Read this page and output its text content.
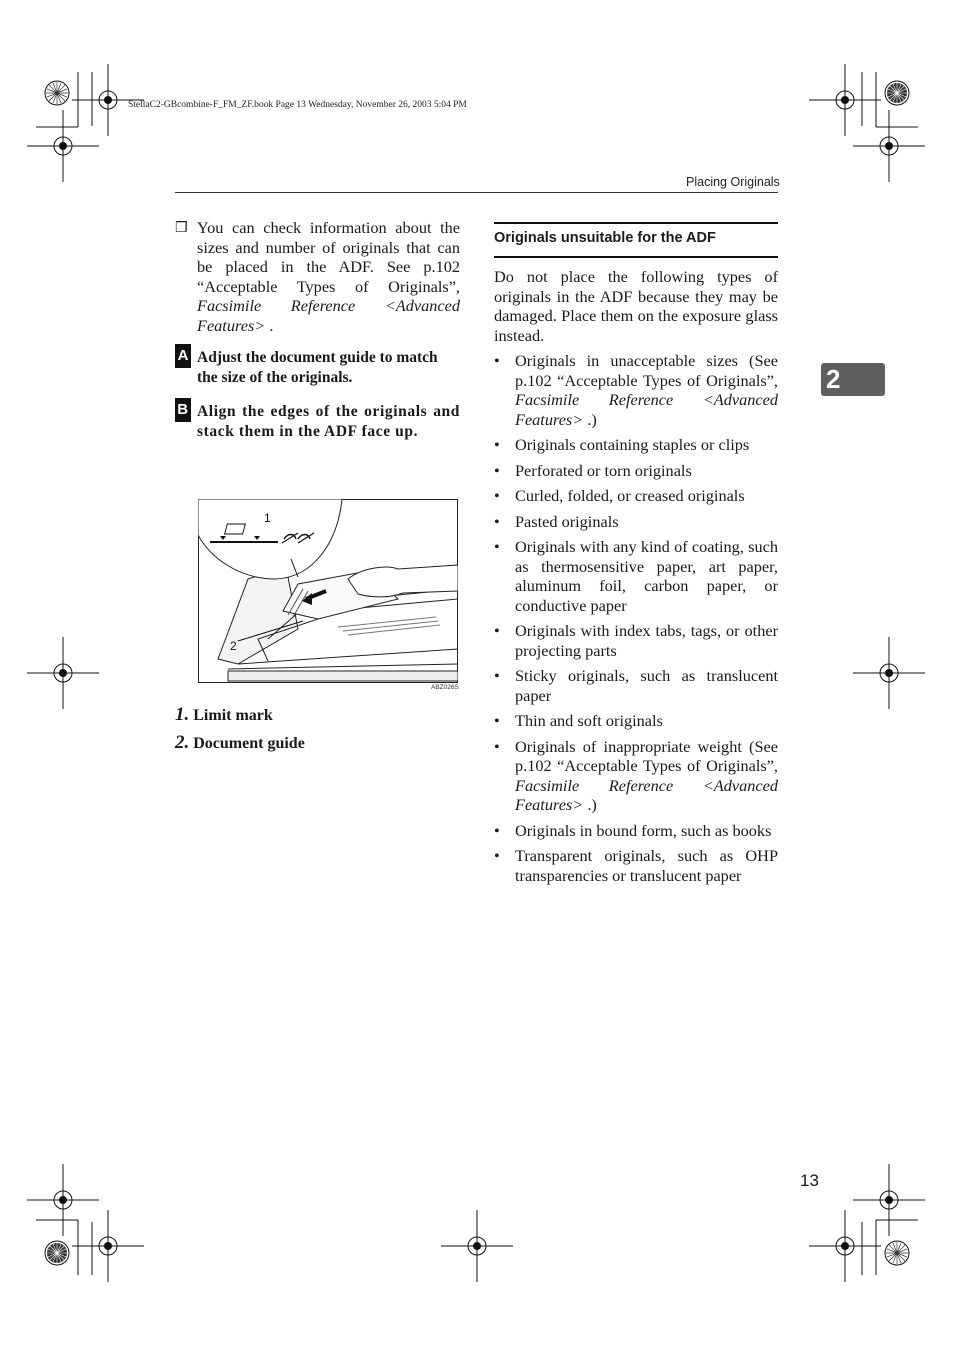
StellaC2-GBcombine-F_FM_ZF.book Page 13 Wednesday, November 26, 2003 5:04 PM
Placing Originals
❒ You can check information about the sizes and number of originals that can be placed in the ADF. See p.102 “Acceptable Types of Originals”, Facsimile Reference <Advanced Features> .
A Adjust the document guide to match the size of the originals.
B Align the edges of the originals and stack them in the ADF face up.
1
2
ABZ026S
1. Limit mark
2. Document guide
Originals unsuitable for the ADF
Do not place the following types of originals in the ADF because they may be damaged. Place them on the exposure glass instead.
• Originals in unacceptable sizes (See p.102 “Acceptable Types of Originals”, Facsimile Reference <Advanced Features> .)
• Originals containing staples or clips
• Perforated or torn originals
• Curled, folded, or creased originals
• Pasted originals
• Originals with any kind of coating, such as thermosensitive paper, art paper, aluminum foil, carbon paper, or conductive paper
• Originals with index tabs, tags, or other projecting parts
• Sticky originals, such as translucent paper
• Thin and soft originals
• Originals of inappropriate weight (See p.102 “Acceptable Types of Originals”, Facsimile Reference <Advanced Features> .)
• Originals in bound form, such as books
• Transparent originals, such as OHP transparencies or translucent paper
2
13
